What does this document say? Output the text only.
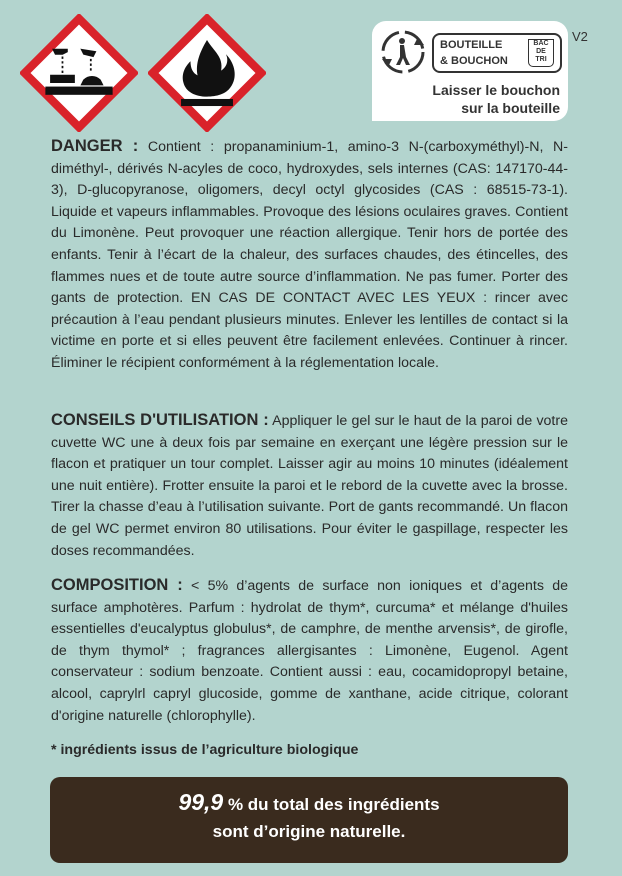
BOUTEILLE
& BOUCHON
BAC
DE
TRI
Laisser le bouchon
sur la bouteille
V2

DANGER : Contient : propanaminium-1, amino-3 N-(carboxyméthyl)-N, N-diméthyl-, dérivés N-acyles de coco, hydroxydes, sels internes (CAS: 147170-44-3), D-glucopyranose, oligomers, decyl octyl glycosides (CAS : 68515-73-1). Liquide et vapeurs inflammables. Provoque des lésions oculaires graves. Contient du Limonène. Peut provoquer une réaction allergique. Tenir hors de portée des enfants. Tenir à l’écart de la chaleur, des surfaces chaudes, des étincelles, des flammes nues et de toute autre source d’inflammation. Ne pas fumer. Porter des gants de protection. EN CAS DE CONTACT AVEC LES YEUX : rincer avec précaution à l’eau pendant plusieurs minutes. Enlever les lentilles de contact si la victime en porte et si elles peuvent être facilement enlevées. Continuer à rincer. Éliminer le récipient conformément à la réglementation locale.

CONSEILS D'UTILISATION : Appliquer le gel sur le haut de la paroi de votre cuvette WC une à deux fois par semaine en exerçant une légère pression sur le flacon et pratiquer un tour complet. Laisser agir au moins 10 minutes (idéalement une nuit entière). Frotter ensuite la paroi et le rebord de la cuvette avec la brosse. Tirer la chasse d’eau à l’utilisation suivante. Port de gants recommandé. Un flacon de gel WC permet environ 80 utilisations. Pour éviter le gaspillage, respecter les doses recommandées.

COMPOSITION : < 5% d’agents de surface non ioniques et d’agents de surface amphotères. Parfum : hydrolat de thym*, curcuma* et mélange d'huiles essentielles d'eucalyptus globulus*, de camphre, de menthe arvensis*, de girofle, de thym thymol* ; fragrances allergisantes : Limonène, Eugenol. Agent conservateur : sodium benzoate. Contient aussi : eau, cocamidopropyl betaine, alcool, caprylrl capryl glucoside, gomme de xanthane, acide citrique, colorant d'origine naturelle (chlorophylle).

* ingrédients issus de l’agriculture biologique
99,9 % du total des ingrédients
sont d’origine naturelle.
